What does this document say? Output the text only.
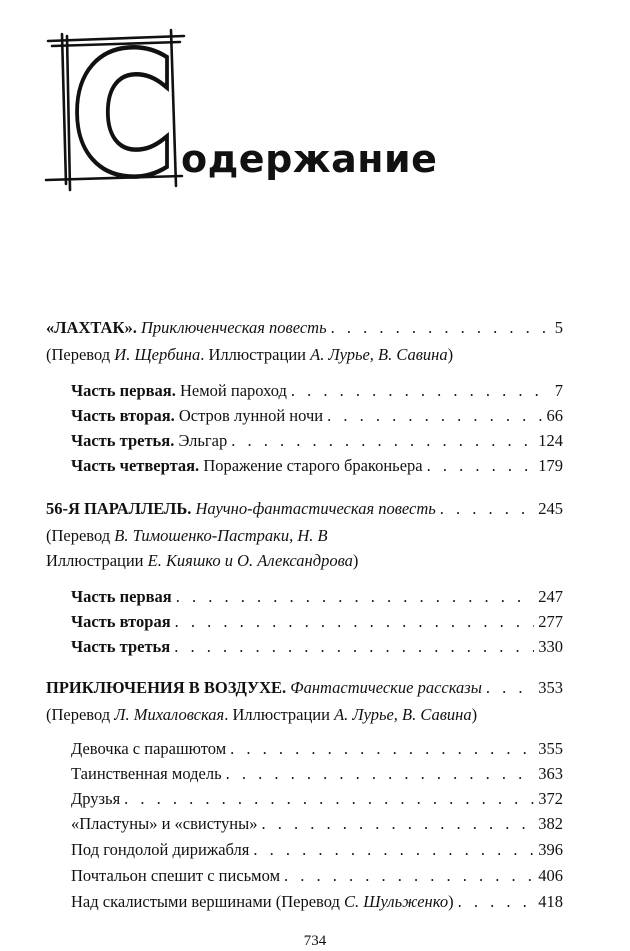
С одержание
«ЛАХТАК». Приключенческая повесть . . .	5
(Перевод И. Щербина. Иллюстрации А. Лурье, В. Савина)
Часть первая. Немой пароход . . .	7
Часть вторая. Остров лунной ночи . . .	66
Часть третья. Эльгар . . .	124
Часть четвертая. Поражение старого браконьера . . .	179
56-Я ПАРАЛЛЕЛЬ. Научно-фантастическая повесть . . .	245
(Перевод В. Тимошенко-Пастраки, Н. В
Иллюстрации Е. Кияшко и О. Александрова)
Часть первая . . .	247
Часть вторая . . .	277
Часть третья . . .	330
ПРИКЛЮЧЕНИЯ В ВОЗДУХЕ. Фантастические рассказы . . .	353
(Перевод Л. Михаловская. Иллюстрации А. Лурье, В. Савина)
Девочка с парашютом . . .	355
Таинственная модель . . .	363
Друзья . . .	372
«Пластуны» и «свистуны» . . .	382
Под гондолой дирижабля . . .	396
Почтальон спешит с письмом . . .	406
Над скалистыми вершинами (Перевод С. Шульженко) . . .	418
734
